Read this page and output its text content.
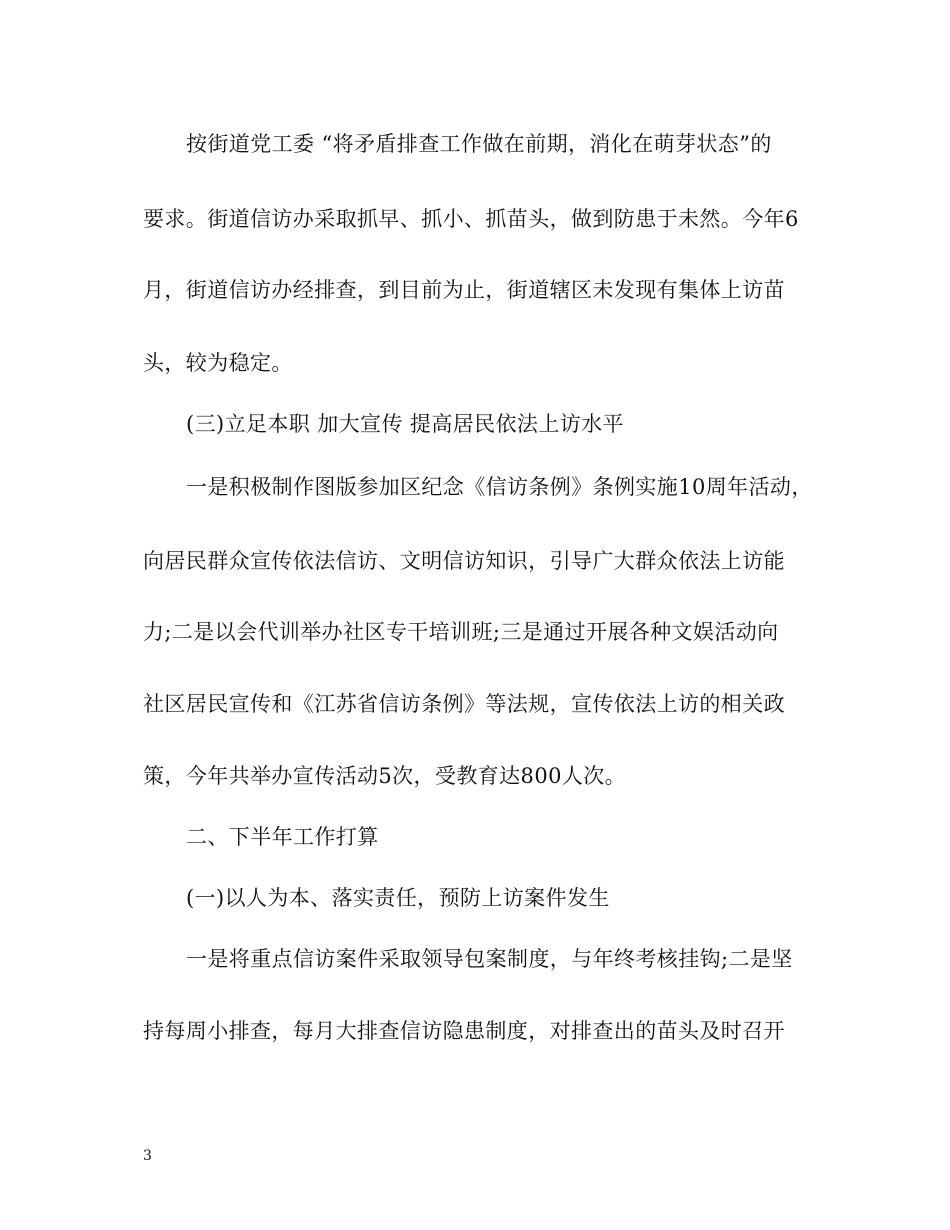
按街道党工委 “将矛盾排查工作做在前期，消化在萌芽状态”的
要求。街道信访办采取抓早、抓小、抓苗头，做到防患于未然。今年6
月，街道信访办经排查，到目前为止，街道辖区未发现有集体上访苗
头，较为稳定。
(三)立足本职 加大宣传 提高居民依法上访水平
一是积极制作图版参加区纪念《信访条例》条例实施10周年活动，
向居民群众宣传依法信访、文明信访知识，引导广大群众依法上访能
力;二是以会代训举办社区专干培训班;三是通过开展各种文娱活动向
社区居民宣传和《江苏省信访条例》等法规，宣传依法上访的相关政
策，今年共举办宣传活动5次，受教育达800人次。
二、下半年工作打算
(一)以人为本、落实责任，预防上访案件发生
一是将重点信访案件采取领导包案制度，与年终考核挂钩;二是坚
持每周小排查，每月大排查信访隐患制度，对排查出的苗头及时召开
3
